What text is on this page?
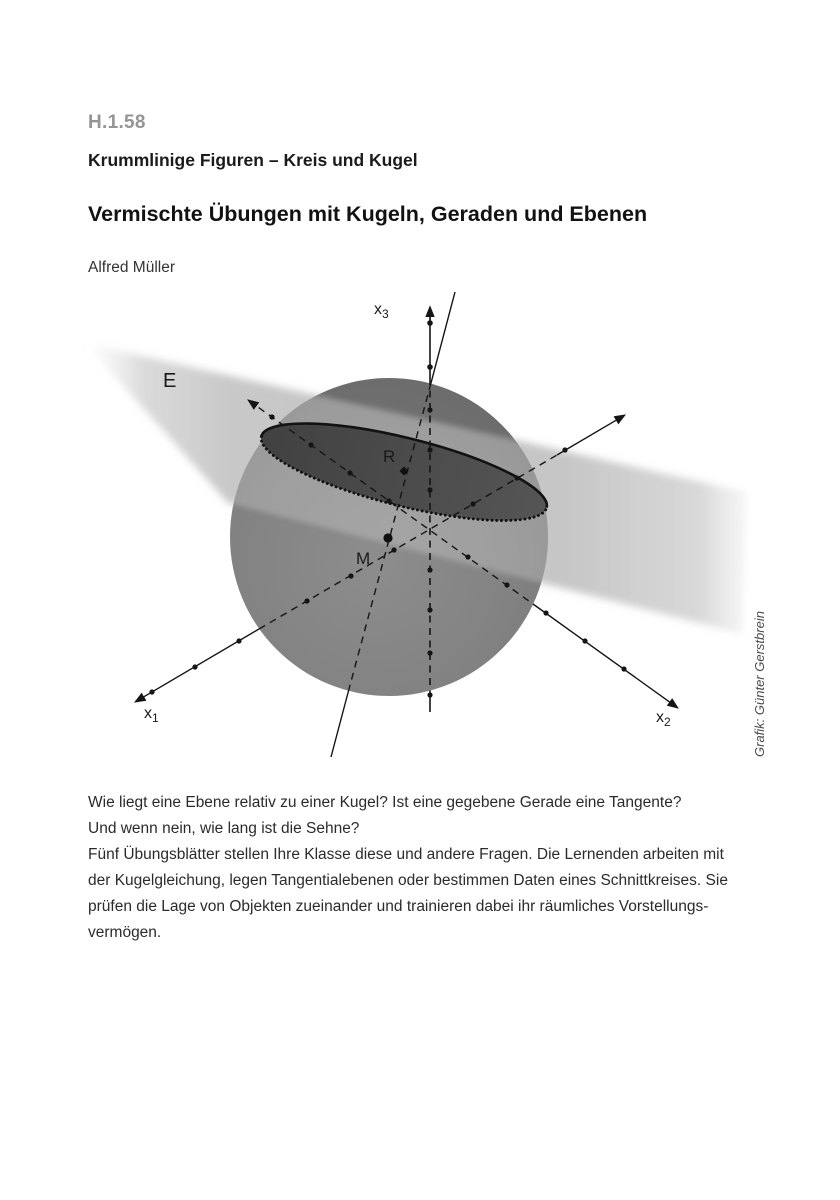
H.1.58
Krummlinige Figuren – Kreis und Kugel
Vermischte Übungen mit Kugeln, Geraden und Ebenen
Alfred Müller
E
R
M
$x_3$
$x_1$	$x_2$	Grafik: Günter Gerstbrein
Wie liegt eine Ebene relativ zu einer Kugel? Ist eine gegebene Gerade eine Tangente?
Und wenn nein, wie lang ist die Sehne?
Fünf Übungsblätter stellen Ihre Klasse diese und andere Fragen. Die Lernenden arbeiten mit
der Kugelgleichung, legen Tangentialebenen oder bestimmen Daten eines Schnittkreises. Sie
prüfen die Lage von Objekten zueinander und trainieren dabei ihr räumliches Vorstellungs-
vermögen.
